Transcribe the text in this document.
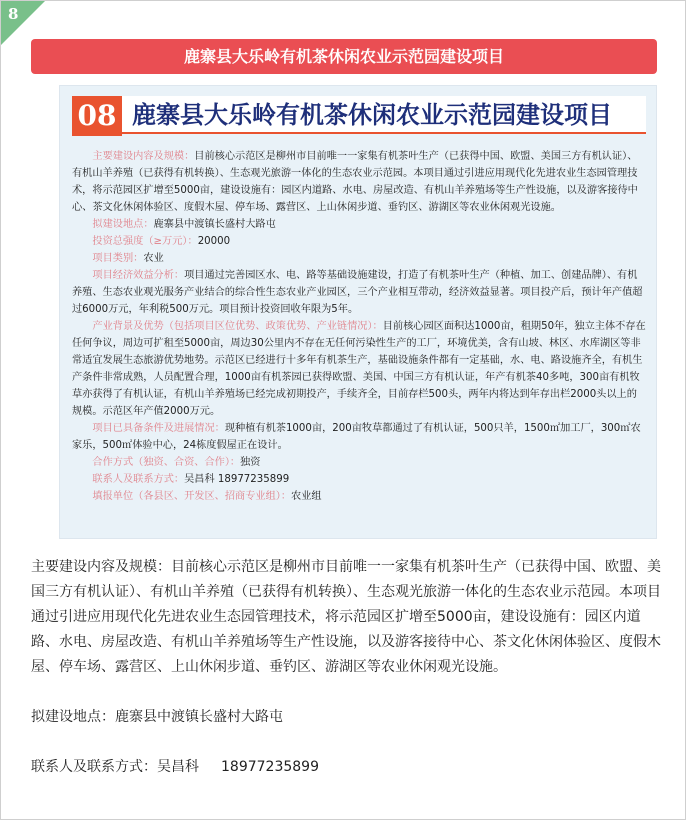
8
鹿寨县大乐岭有机茶休闲农业示范园建设项目
08 鹿寨县大乐岭有机茶休闲农业示范园建设项目

主要建设内容及规模：目前核心示范区是柳州市目前唯一一家集有机茶叶生产（已获得中国、欧盟、美国三方有机认证）、有机山羊养殖（已获得有机转换）、生态观光旅游一体化的生态农业示范园。本项目通过引进应用现代化先进农业生态园管理技术，将示范园区扩增至5000亩，建设设施有：园区内道路、水电、房屋改造、有机山羊养殖场等生产性设施，以及游客接待中心、茶文化休闲体验区、度假木屋、停车场、露营区、上山休闲步道、垂钓区、游湖区等农业休闲观光设施。

拟建设地点：鹿寨县中渡镇长盛村大路屯

投资总强度（≥万元）：20000

项目类别：农业

项目经济效益分析：项目通过完善园区水、电、路等基础设施建设，打造了有机茶叶生产（种植、加工、创建品牌）、有机养殖、生态农业观光服务产业结合的综合性生态农业产业园区，三个产业相互带动，经济效益显著。项目投产后，预计年产值超过6000万元，年利税500万元。项目预计投资回收年限为5年。

产业背景及优势（包括项目区位优势、政策优势、产业链情况）：目前核心园区面积达1000亩，租期50年，独立主体不存在任何争议，周边可扩租至5000亩，周边30公里内不存在无任何污染性生产的工厂，环境优美，含有山坡、林区、水库湖区等非常适宜发展生态旅游优势地势。示范区已经进行十多年有机茶生产，基础设施条件都有一定基础，水、电、路设施齐全，有机生产条件非常成熟，人员配置合理，1000亩有机茶园已获得欧盟、美国、中国三方有机认证，年产有机茶40多吨，300亩有机牧草亦获得了有机认证，有机山羊养殖场已经完成初期投产，手续齐全，目前存栏500头，两年内将达到年存出栏2000头以上的规模。示范区年产值2000万元。

项目已具备条件及进展情况：现种植有机茶1000亩，200亩牧草都通过了有机认证，500只羊，1500㎡加工厂，300㎡农家乐，500㎡体验中心，24栋度假屋正在设计。

合作方式（独资、合资、合作）：独资

联系人及联系方式：吴昌科 18977235899

填报单位（各县区、开发区、招商专业组）：农业组

主要建设内容及规模：目前核心示范区是柳州市目前唯一一家集有机茶叶生产（已获得中国、欧盟、美国三方有机认证）、有机山羊养殖（已获得有机转换）、生态观光旅游一体化的生态农业示范园。本项目通过引进应用现代化先进农业生态园管理技术，将示范园区扩增至5000亩，建设设施有：园区内道路、水电、房屋改造、有机山羊养殖场等生产性设施，以及游客接待中心、茶文化休闲体验区、度假木屋、停车场、露营区、上山休闲步道、垂钓区、游湖区等农业休闲观光设施。

拟建设地点：鹿寨县中渡镇长盛村大路屯

联系人及联系方式：吴昌科 18977235899
